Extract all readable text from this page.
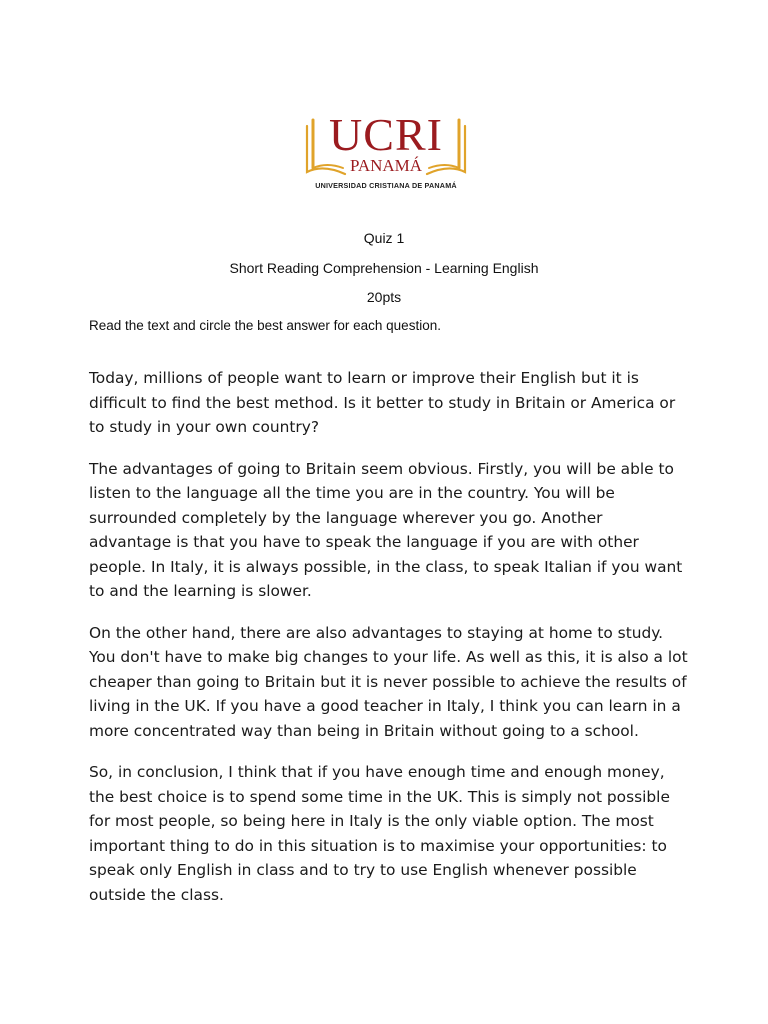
UCRI
PANAMÁ
UNIVERSIDAD CRISTIANA DE PANAMÁ
Quiz 1
Short Reading Comprehension - Learning English
20pts
Read the text and circle the best answer for each question.

Today, millions of people want to learn or improve their English but it is difficult to find the best method. Is it better to study in Britain or America or to study in your own country?

The advantages of going to Britain seem obvious. Firstly, you will be able to listen to the language all the time you are in the country. You will be surrounded completely by the language wherever you go. Another advantage is that you have to speak the language if you are with other people. In Italy, it is always possible, in the class, to speak Italian if you want to and the learning is slower.

On the other hand, there are also advantages to staying at home to study. You don't have to make big changes to your life. As well as this, it is also a lot cheaper than going to Britain but it is never possible to achieve the results of living in the UK. If you have a good teacher in Italy, I think you can learn in a more concentrated way than being in Britain without going to a school.

So, in conclusion, I think that if you have enough time and enough money, the best choice is to spend some time in the UK. This is simply not possible for most people, so being here in Italy is the only viable option. The most important thing to do in this situation is to maximise your opportunities: to speak only English in class and to try to use English whenever possible outside the class.
